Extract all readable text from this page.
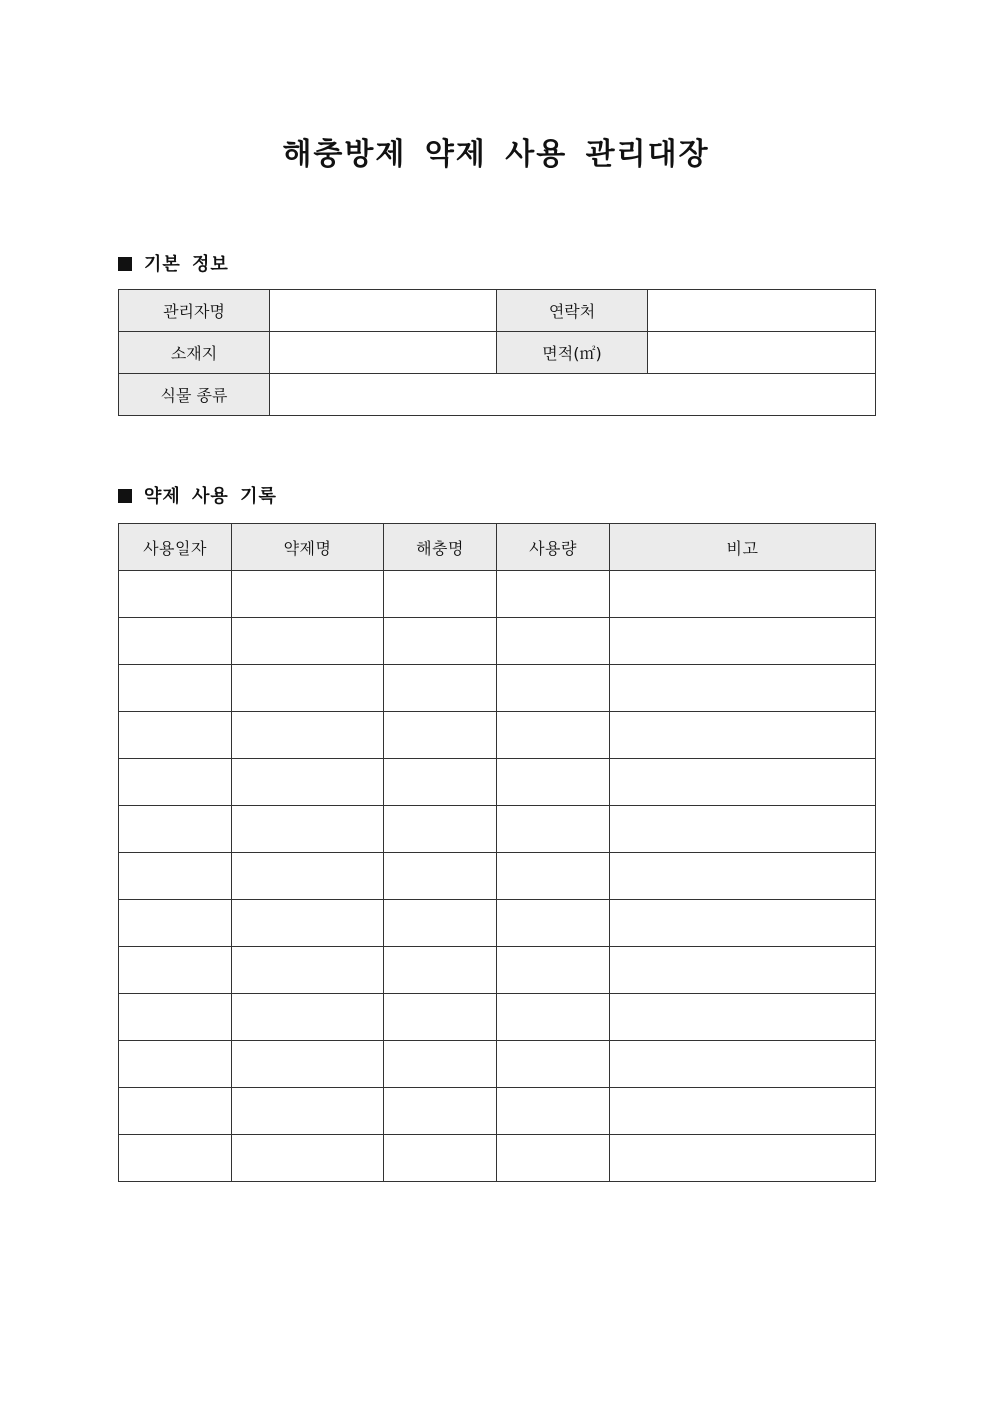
해충방제 약제 사용 관리대장
기본 정보
관리자명		연락처	
소재지		면적(㎡)	
식물 종류			
약제 사용 기록
사용일자	약제명	해충명	사용량	비고
